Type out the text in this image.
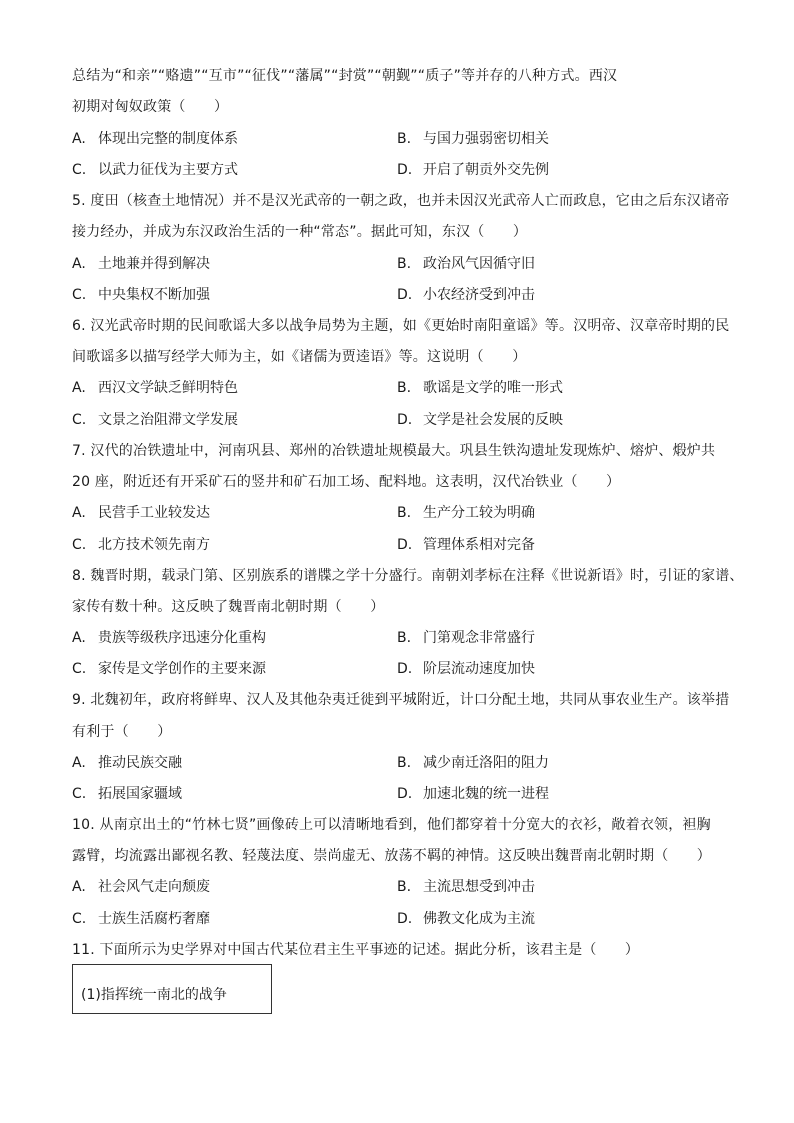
总结为“和亲”“赂遗”“互市”“征伐”“藩属”“封赏”“朝觐”“质子”等并存的八种方式。西汉
初期对匈奴政策（　　）
A. 体现出完整的制度体系	B. 与国力强弱密切相关
C. 以武力征伐为主要方式	D. 开启了朝贡外交先例
5. 度田（核查土地情况）并不是汉光武帝的一朝之政，也并未因汉光武帝人亡而政息，它由之后东汉诸帝
接力经办，并成为东汉政治生活的一种“常态”。据此可知，东汉（　　）
A. 土地兼并得到解决	B. 政治风气因循守旧
C. 中央集权不断加强	D. 小农经济受到冲击
6. 汉光武帝时期的民间歌谣大多以战争局势为主题，如《更始时南阳童谣》等。汉明帝、汉章帝时期的民
间歌谣多以描写经学大师为主，如《诸儒为贾逵语》等。这说明（　　）
A. 西汉文学缺乏鲜明特色	B. 歌谣是文学的唯一形式
C. 文景之治阻滞文学发展	D. 文学是社会发展的反映
7. 汉代的冶铁遗址中，河南巩县、郑州的冶铁遗址规模最大。巩县生铁沟遗址发现炼炉、熔炉、煅炉共
20 座，附近还有开采矿石的竖井和矿石加工场、配料地。这表明，汉代冶铁业（　　）
A. 民营手工业较发达	B. 生产分工较为明确
C. 北方技术领先南方	D. 管理体系相对完备
8. 魏晋时期，载录门第、区别族系的谱牒之学十分盛行。南朝刘孝标在注释《世说新语》时，引证的家谱、
家传有数十种。这反映了魏晋南北朝时期（　　）
A. 贵族等级秩序迅速分化重构	B. 门第观念非常盛行
C. 家传是文学创作的主要来源	D. 阶层流动速度加快
9. 北魏初年，政府将鲜卑、汉人及其他杂夷迁徙到平城附近，计口分配土地，共同从事农业生产。该举措
有利于（　　）
A. 推动民族交融	B. 减少南迁洛阳的阻力
C. 拓展国家疆域	D. 加速北魏的统一进程
10. 从南京出土的“竹林七贤”画像砖上可以清晰地看到，他们都穿着十分宽大的衣衫，敞着衣领，袒胸
露臂，均流露出鄙视名教、轻蔑法度、崇尚虚无、放荡不羁的神情。这反映出魏晋南北朝时期（　　）
A. 社会风气走向颓废	B. 主流思想受到冲击
C. 士族生活腐朽奢靡	D. 佛教文化成为主流
11. 下面所示为史学界对中国古代某位君主生平事迹的记述。据此分析，该君主是（　　）
(1)指挥统一南北的战争
